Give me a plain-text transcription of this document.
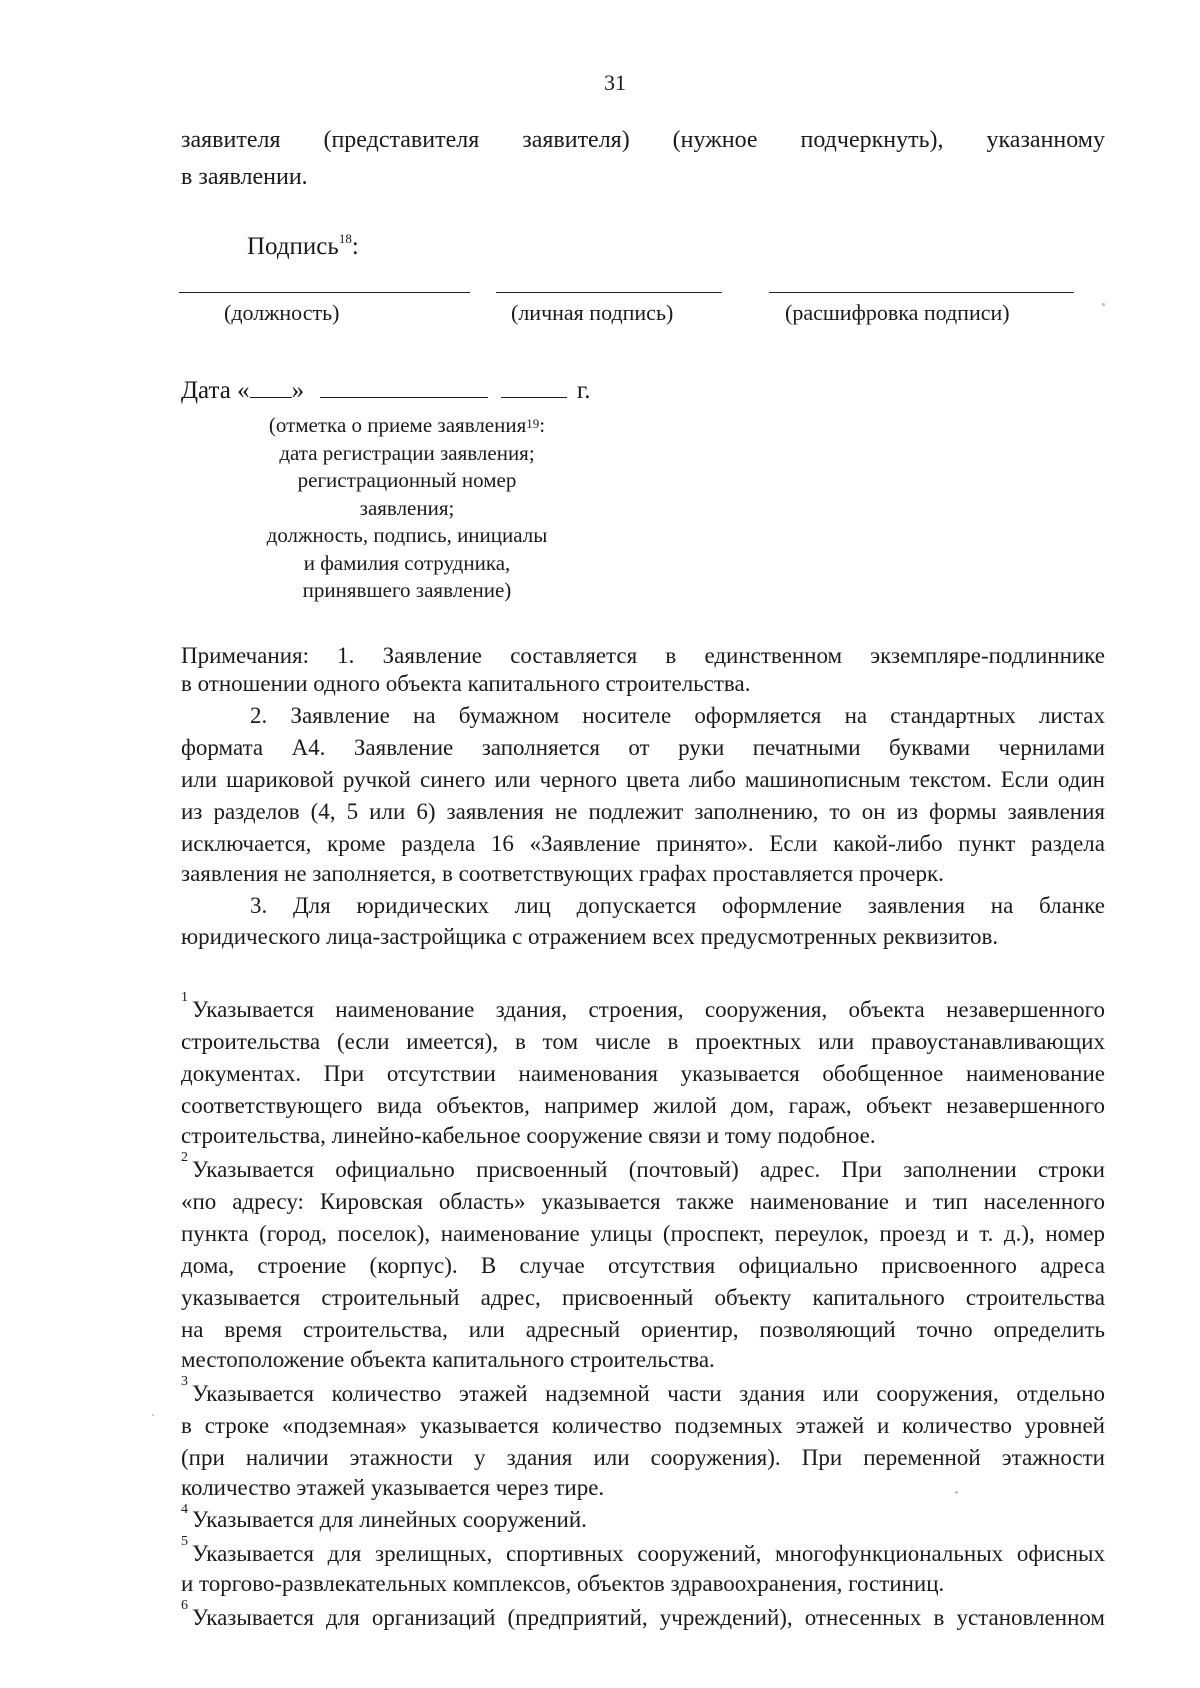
31
заявителя (представителя заявителя) (нужное подчеркнуть), указанному
в заявлении.
Подпись$^{18}$:
(должность)	(личная подпись)	(расшифровка подписи)
Дата « »	г.
(отметка о приеме заявления$^{19}$:
дата регистрации заявления;
регистрационный номер
заявления;
должность, подпись, инициалы
и фамилия сотрудника,
принявшего заявление)
Примечания: 1. Заявление составляется в единственном экземпляре-подлиннике
в отношении одного объекта капитального строительства.
2. Заявление на бумажном носителе оформляется на стандартных листах
формата А4. Заявление заполняется от руки печатными буквами чернилами
или шариковой ручкой синего или черного цвета либо машинописным текстом. Если один
из разделов (4, 5 или 6) заявления не подлежит заполнению, то он из формы заявления
исключается, кроме раздела 16 «Заявление принято». Если какой-либо пункт раздела
заявления не заполняется, в соответствующих графах проставляется прочерк.
3. Для юридических лиц допускается оформление заявления на бланке
юридического лица-застройщика с отражением всех предусмотренных реквизитов.
1 Указывается наименование здания, строения, сооружения, объекта незавершенного
строительства (если имеется), в том числе в проектных или правоустанавливающих
документах. При отсутствии наименования указывается обобщенное наименование
соответствующего вида объектов, например жилой дом, гараж, объект незавершенного
строительства, линейно-кабельное сооружение связи и тому подобное.
2 Указывается официально присвоенный (почтовый) адрес. При заполнении строки
«по адресу: Кировская область» указывается также наименование и тип населенного
пункта (город, поселок), наименование улицы (проспект, переулок, проезд и т. д.), номер
дома, строение (корпус). В случае отсутствия официально присвоенного адреса
указывается строительный адрес, присвоенный объекту капитального строительства
на время строительства, или адресный ориентир, позволяющий точно определить
местоположение объекта капитального строительства.
3 Указывается количество этажей надземной части здания или сооружения, отдельно
в строке «подземная» указывается количество подземных этажей и количество уровней
(при наличии этажности у здания или сооружения). При переменной этажности
количество этажей указывается через тире.
4 Указывается для линейных сооружений.
5 Указывается для зрелищных, спортивных сооружений, многофункциональных офисных
и торгово-развлекательных комплексов, объектов здравоохранения, гостиниц.
6 Указывается для организаций (предприятий, учреждений), отнесенных в установленном
